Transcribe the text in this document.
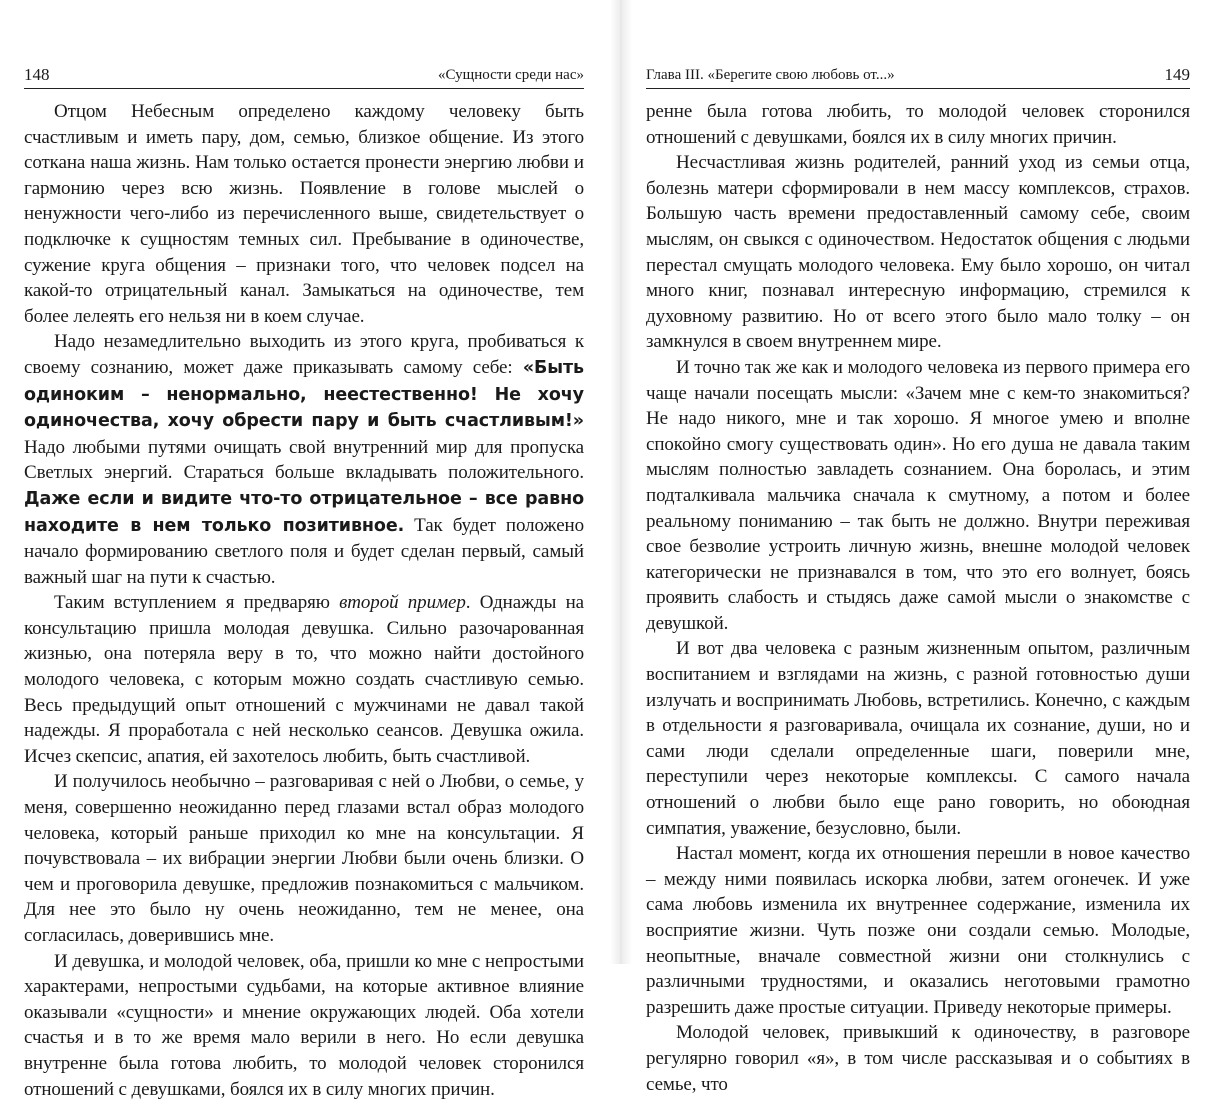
148	«Сущности среди нас»

Отцом Небесным определено каждому человеку быть счастливым и иметь пару, дом, семью, близкое общение. Из этого соткана наша жизнь. Нам только остается пронести энергию любви и гармонию через всю жизнь. Появление в голове мыслей о ненужности чего-либо из перечисленного выше, свидетельствует о подключке к сущностям темных сил. Пребывание в одиночестве, сужение круга общения – признаки того, что человек подсел на какой-то отрицательный канал. Замыкаться на одиночестве, тем более лелеять его нельзя ни в коем случае.

Надо незамедлительно выходить из этого круга, пробиваться к своему сознанию, может даже приказывать самому себе: «Быть одиноким – ненормально, неестественно! Не хочу одиночества, хочу обрести пару и быть счастливым!» Надо любыми путями очищать свой внутренний мир для пропуска Светлых энергий. Стараться больше вкладывать положительного. Даже если и видите что-то отрицательное – все равно находите в нем только позитивное. Так будет положено начало формированию светлого поля и будет сделан первый, самый важный шаг на пути к счастью.

Таким вступлением я предваряю второй пример. Однажды на консультацию пришла молодая девушка. Сильно разочарованная жизнью, она потеряла веру в то, что можно найти достойного молодого человека, с которым можно создать счастливую семью. Весь предыдущий опыт отношений с мужчинами не давал такой надежды. Я проработала с ней несколько сеансов. Девушка ожила. Исчез скепсис, апатия, ей захотелось любить, быть счастливой.

И получилось необычно – разговаривая с ней о Любви, о семье, у меня, совершенно неожиданно перед глазами встал образ молодого человека, который раньше приходил ко мне на консультации. Я почувствовала – их вибрации энергии Любви были очень близки. О чем и проговорила девушке, предложив познакомиться с мальчиком. Для нее это было ну очень неожиданно, тем не менее, она согласилась, доверившись мне.

И девушка, и молодой человек, оба, пришли ко мне с непростыми характерами, непростыми судьбами, на которые активное влияние оказывали «сущности» и мнение окружающих людей. Оба хотели счастья и в то же время мало верили в него. Но если девушка внутренне была готова любить, то молодой человек сторонился отношений с девушками, боялся их в силу многих причин.

Глава III. «Берегите свою любовь от...»	149

ренне была готова любить, то молодой человек сторонился отношений с девушками, боялся их в силу многих причин.

Несчастливая жизнь родителей, ранний уход из семьи отца, болезнь матери сформировали в нем массу комплексов, страхов. Большую часть времени предоставленный самому себе, своим мыслям, он свыкся с одиночеством. Недостаток общения с людьми перестал смущать молодого человека. Ему было хорошо, он читал много книг, познавал интересную информацию, стремился к духовному развитию. Но от всего этого было мало толку – он замкнулся в своем внутреннем мире.

И точно так же как и молодого человека из первого примера его чаще начали посещать мысли: «Зачем мне с кем-то знакомиться? Не надо никого, мне и так хорошо. Я многое умею и вполне спокойно смогу существовать один». Но его душа не давала таким мыслям полностью завладеть сознанием. Она боролась, и этим подталкивала мальчика сначала к смутному, а потом и более реальному пониманию – так быть не должно. Внутри переживая свое безволие устроить личную жизнь, внешне молодой человек категорически не признавался в том, что это его волнует, боясь проявить слабость и стыдясь даже самой мысли о знакомстве с девушкой.

И вот два человека с разным жизненным опытом, различным воспитанием и взглядами на жизнь, с разной готовностью души излучать и воспринимать Любовь, встретились. Конечно, с каждым в отдельности я разговаривала, очищала их сознание, души, но и сами люди сделали определенные шаги, поверили мне, переступили через некоторые комплексы. С самого начала отношений о любви было еще рано говорить, но обоюдная симпатия, уважение, безусловно, были.

Настал момент, когда их отношения перешли в новое качество – между ними появилась искорка любви, затем огонечек. И уже сама любовь изменила их внутреннее содержание, изменила их восприятие жизни. Чуть позже они создали семью. Молодые, неопытные, вначале совместной жизни они столкнулись с различными трудностями, и оказались неготовыми грамотно разрешить даже простые ситуации. Приведу некоторые примеры.

Молодой человек, привыкший к одиночеству, в разговоре регулярно говорил «я», в том числе рассказывая и о событиях в семье, что
